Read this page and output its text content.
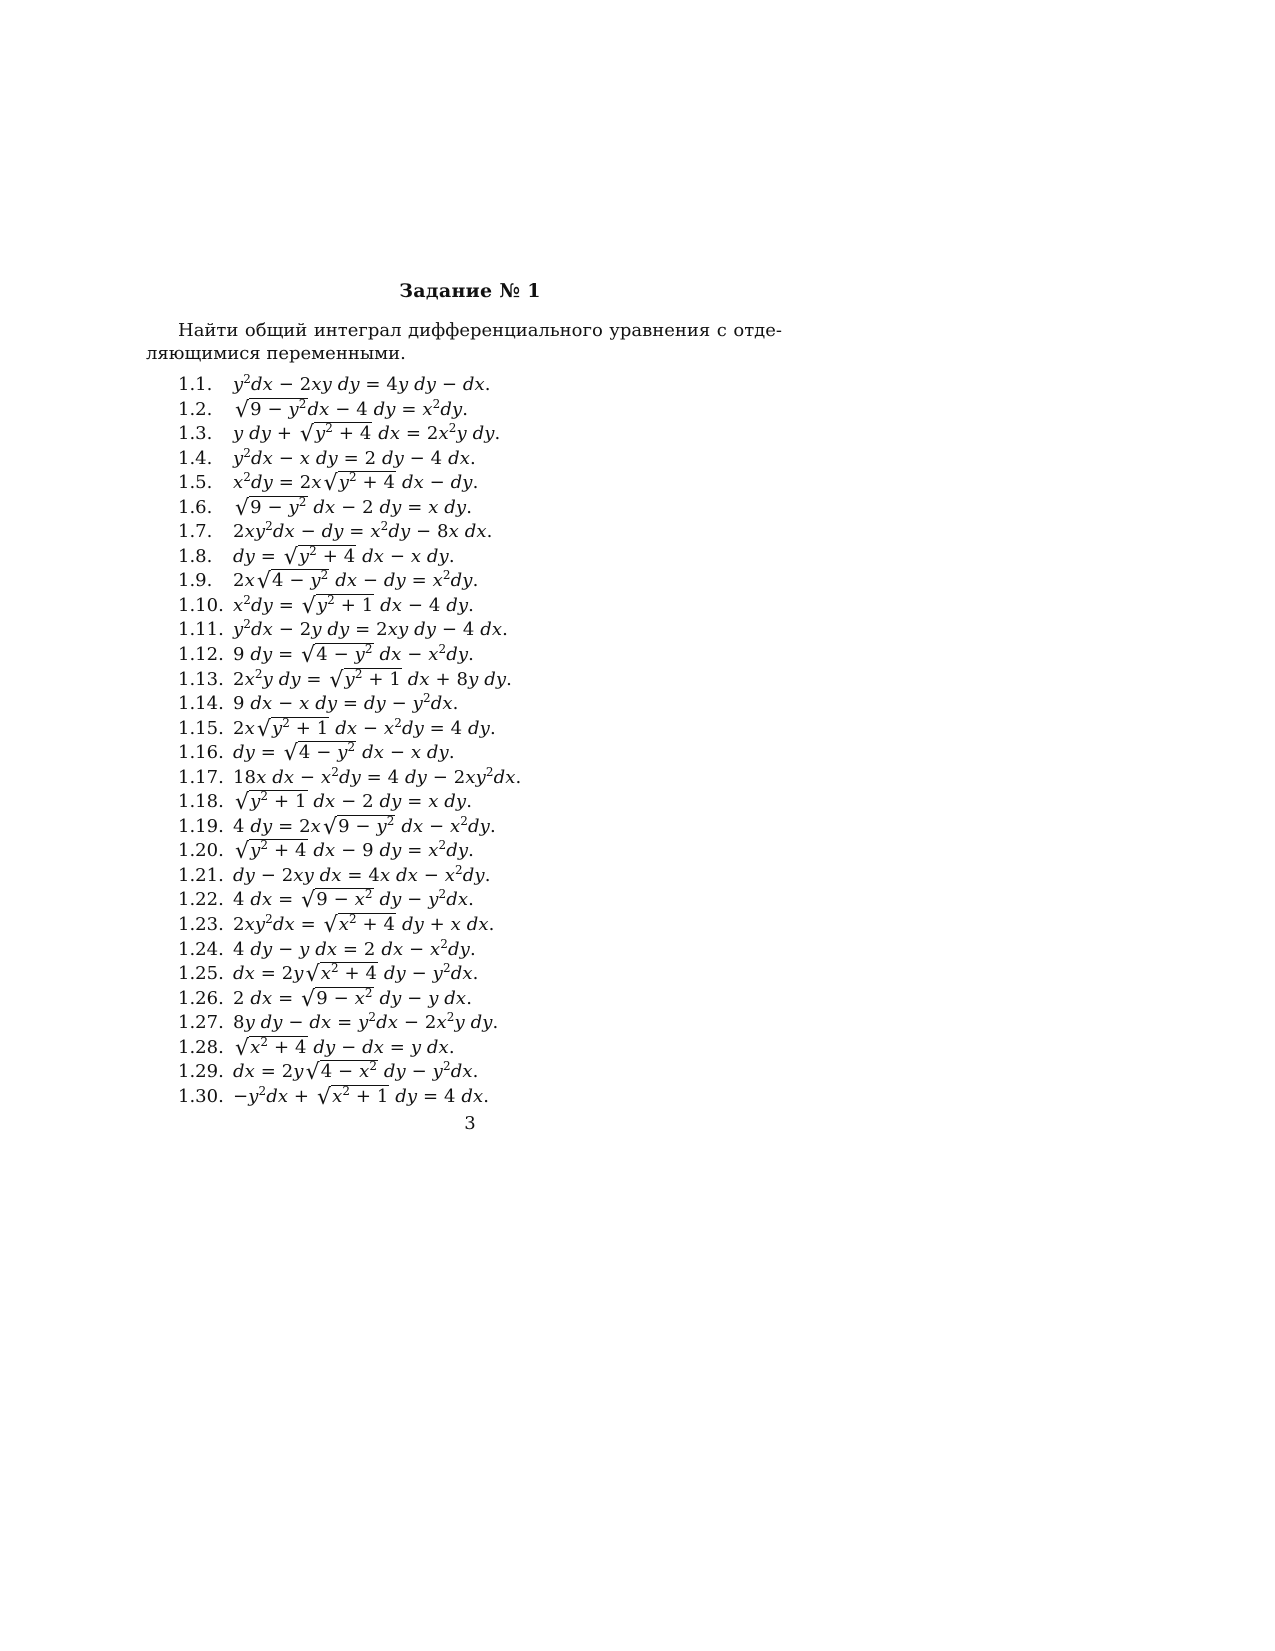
Задание № 1
Найти общий интеграл дифференциального уравнения с отде-
ляющимися переменными.
1.1. $y^2dx - 2xy$ dy = 4y dy − dx.
1.2. $√9 - y^2dx - 4$ dy = $x^2dy$.
1.3. y dy + $√y^2 + 4$ dx = $2x^2y$ dy.
1.4. $y^2dx - x$ dy = 2 dy − 4 dx.
1.5. $x^2dy = 2x√y^2 + 4$ dx − dy.
1.6. $√9 - y^2$ dx − 2 dy = x dy.
1.7. $2xy^2dx$ − dy = $x^2dy - 8x$ dx.
1.8. dy = $√y^2 + 4$ dx − x dy.
1.9. $2x√4 - y^2$ dx − dy = $x^2dy$.
1.10. $x^2dy = √y^2 + 1$ dx − 4 dy.
1.11. $y^2dx - 2y$ dy = 2xy dy − 4 dx.
1.12. 9 dy = $√4 - y^2$ dx − $x^2dy$.
1.13. $2x^2y$ dy = $√y^2 + 1$ dx + 8y dy.
1.14. 9 dx − x dy = dy − $y^2dx$.
1.15. $2x√y^2 + 1$ dx − $x^2dy = 4$ dy.
1.16. dy = $√4 - y^2$ dx − x dy.
1.17. 18x dx − $x^2dy = 4$ dy − $2xy^2dx$.
1.18. $√y^2 + 1$ dx − 2 dy = x dy.
1.19. 4 dy = $2x√9 - y^2$ dx − $x^2dy$.
1.20. $√y^2 + 4$ dx − 9 dy = $x^2dy$.
1.21. dy − 2xy dx = 4x dx − $x^2dy$.
1.22. 4 dx = $√9 - x^2$ dy − $y^2dx$.
1.23. $2xy^2dx = √x^2 + 4$ dy + x dx.
1.24. 4 dy − y dx = 2 dx − $x^2dy$.
1.25. dx = $2y√x^2 + 4$ dy − $y^2dx$.
1.26. 2 dx = $√9 - x^2$ dy − y dx.
1.27. 8y dy − dx = $y^2dx - 2x^2y$ dy.
1.28. $√x^2 + 4$ dy − dx = y dx.
1.29. dx = $2y√4 - x^2$ dy − $y^2dx$.
1.30. $-y^2dx + √x^2 + 1$ dy = 4 dx.
3
